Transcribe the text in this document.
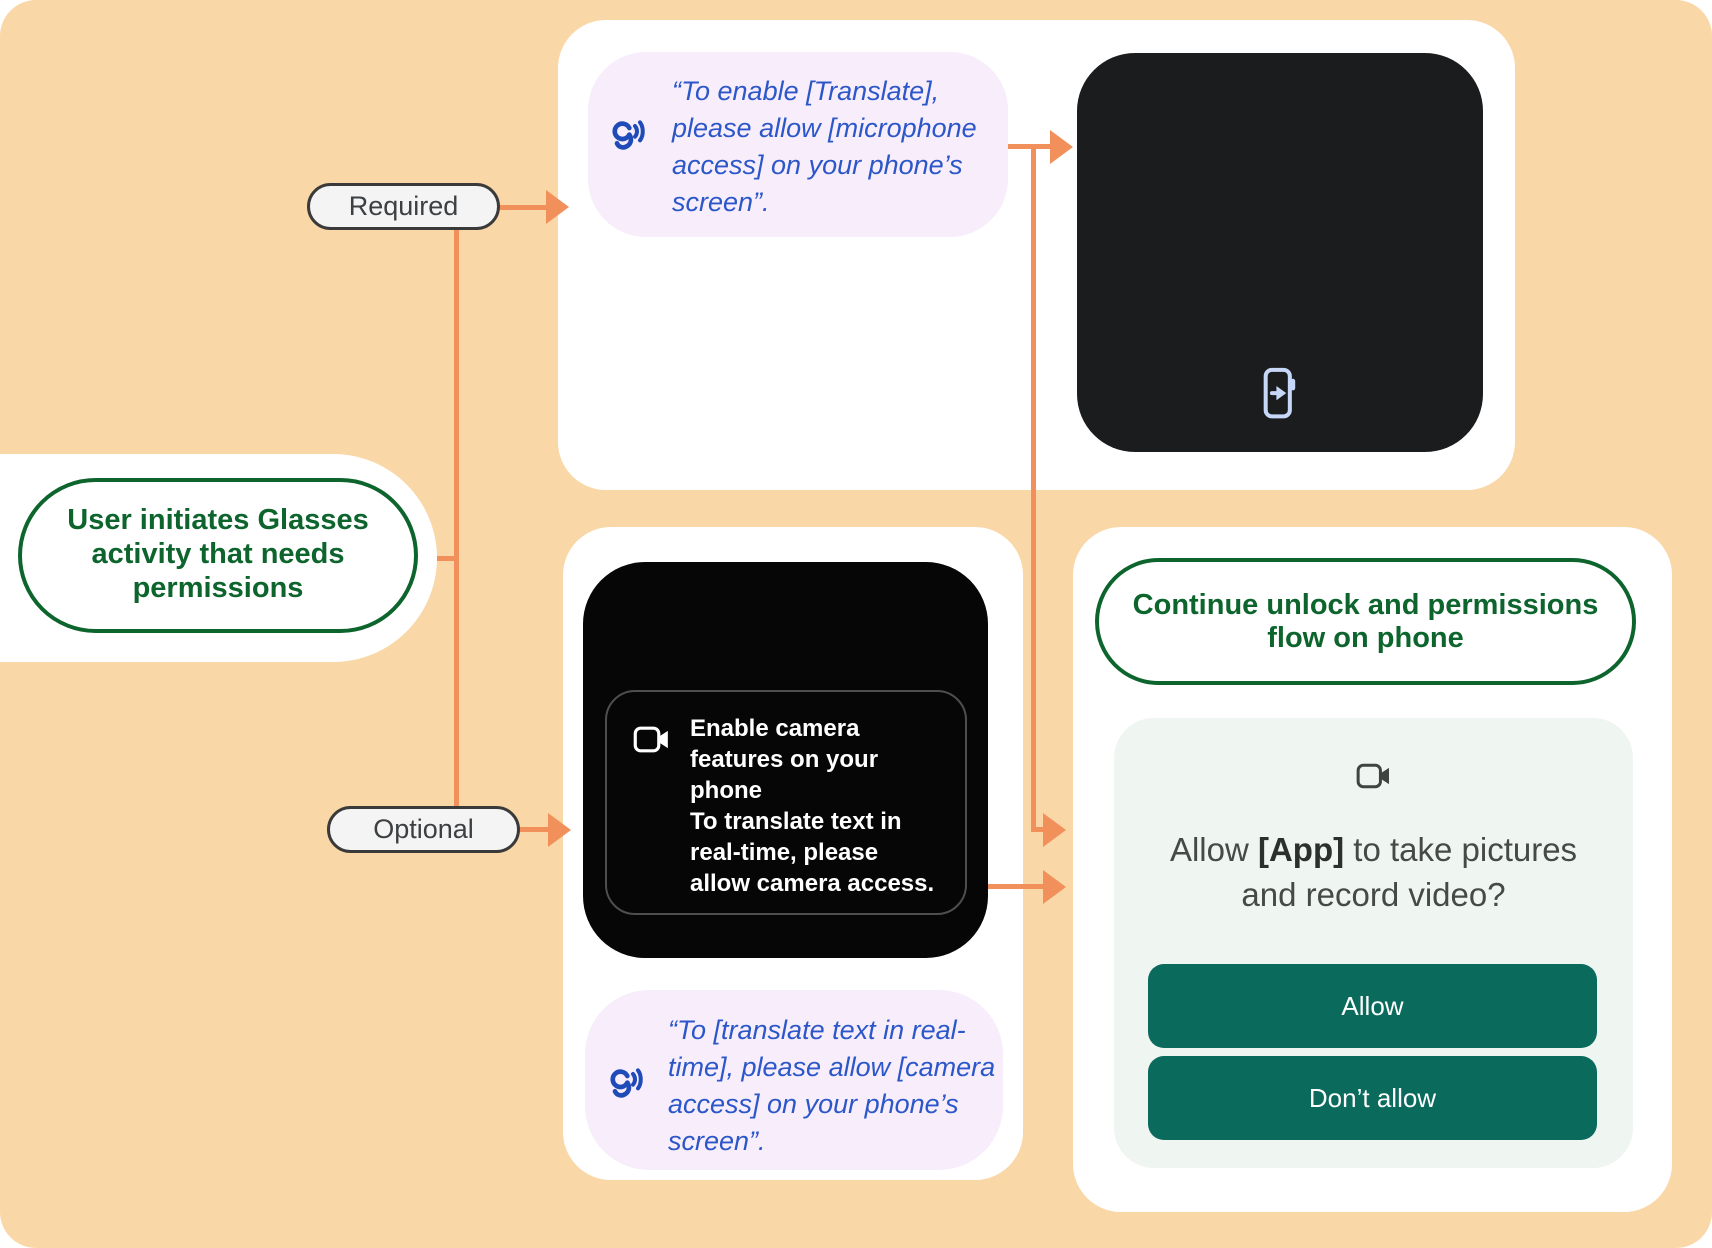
Required
Optional
User initiates Glasses
activity that needs
permissions
“To enable [Translate],
please allow [microphone
access] on your phone’s
screen”.
Enable camera
features on your
phone
To translate text in
real-time, please
allow camera access.
“To [translate text in real-
time], please allow [camera
access] on your phone’s
screen”.
Continue unlock and permissions
flow on phone
Allow [App] to take pictures
and record video?
Allow
Don’t allow
